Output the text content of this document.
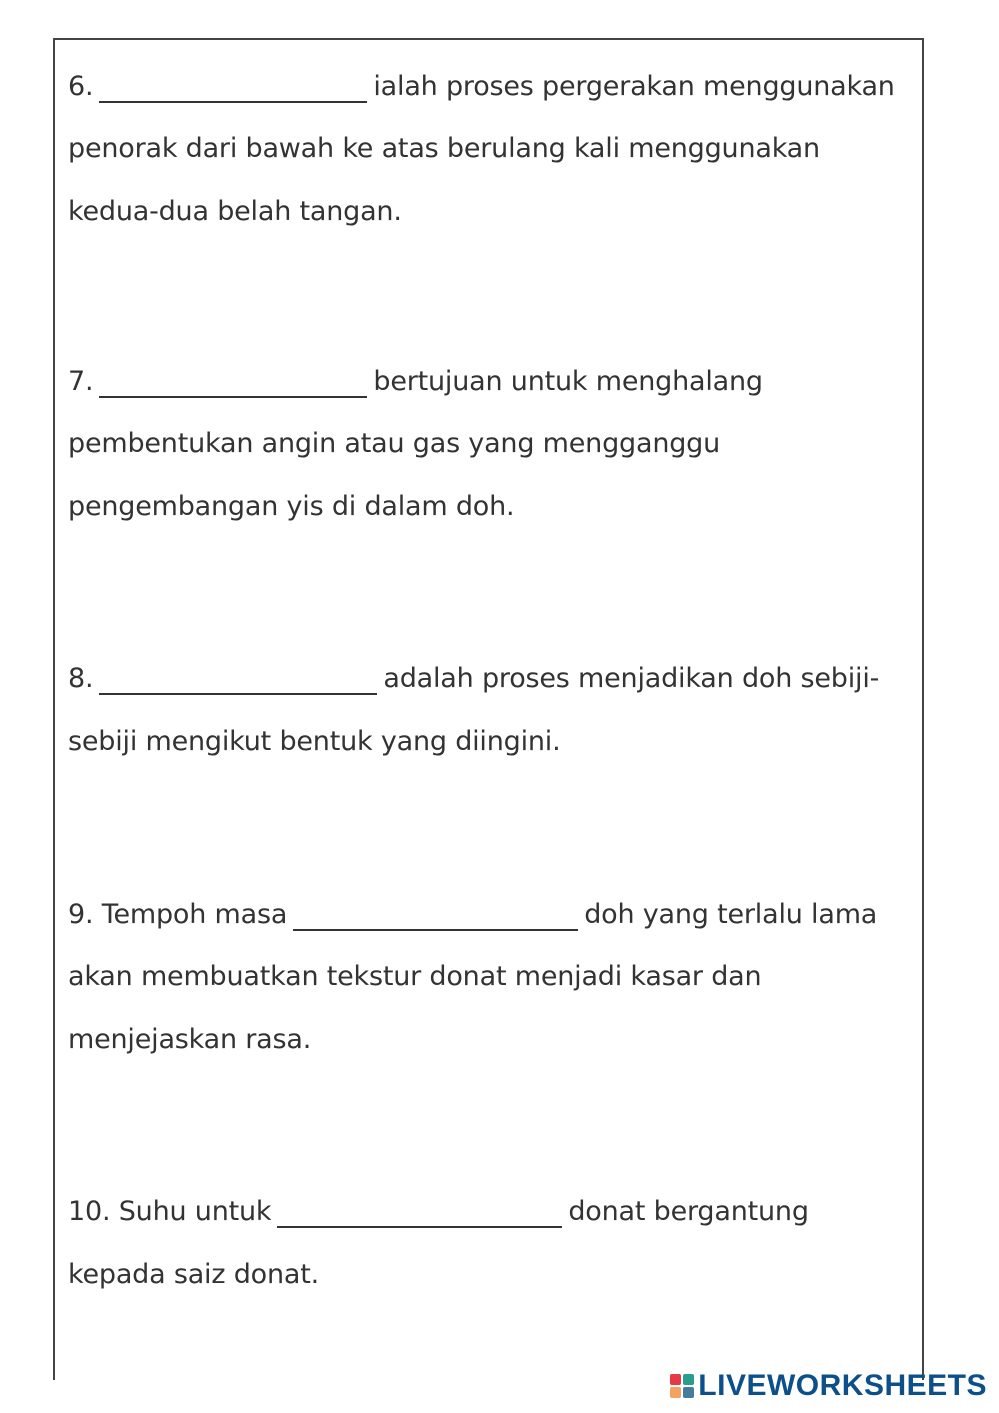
6.	ialah proses pergerakan menggunakan
penorak dari bawah ke atas berulang kali menggunakan
kedua-dua belah tangan.
7.	bertujuan untuk menghalang
pembentukan angin atau gas yang mengganggu
pengembangan yis di dalam doh.
8.	adalah proses menjadikan doh sebiji-
sebiji mengikut bentuk yang diingini.
9. Tempoh masa	doh yang terlalu lama
akan membuatkan tekstur donat menjadi kasar dan
menjejaskan rasa.
10. Suhu untuk	donat bergantung
kepada saiz donat.
LIVEWORKSHEETS
